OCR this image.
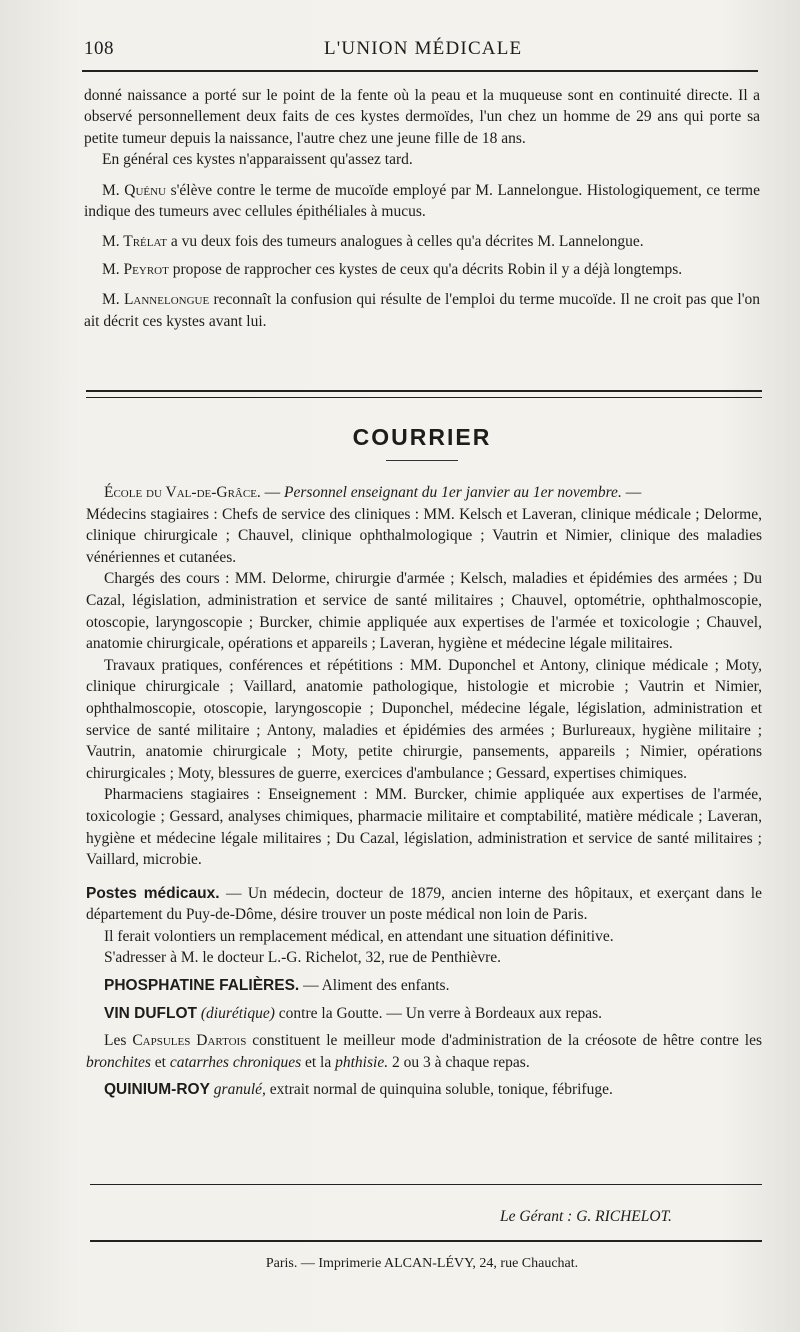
108	L'UNION MÉDICALE

donné naissance a porté sur le point de la fente où la peau et la muqueuse sont en continuité directe. Il a observé personnellement deux faits de ces kystes dermoïdes, l'un chez un homme de 29 ans qui porte sa petite tumeur depuis la naissance, l'autre chez une jeune fille de 18 ans.

En général ces kystes n'apparaissent qu'assez tard.

M. Quénu s'élève contre le terme de mucoïde employé par M. Lannelongue. Histologiquement, ce terme indique des tumeurs avec cellules épithéliales à mucus.

M. Trélat a vu deux fois des tumeurs analogues à celles qu'a décrites M. Lannelongue.

M. Peyrot propose de rapprocher ces kystes de ceux qu'a décrits Robin il y a déjà longtemps.

M. Lannelongue reconnaît la confusion qui résulte de l'emploi du terme mucoïde. Il ne croit pas que l'on ait décrit ces kystes avant lui.

COURRIER

École du Val-de-Grâce. — Personnel enseignant du 1er janvier au 1er novembre. —

Médecins stagiaires : Chefs de service des cliniques : MM. Kelsch et Laveran, clinique médicale ; Delorme, clinique chirurgicale ; Chauvel, clinique ophthalmologique ; Vautrin et Nimier, clinique des maladies vénériennes et cutanées.

Chargés des cours : MM. Delorme, chirurgie d'armée ; Kelsch, maladies et épidémies des armées ; Du Cazal, législation, administration et service de santé militaires ; Chauvel, optométrie, ophthalmoscopie, otoscopie, laryngoscopie ; Burcker, chimie appliquée aux expertises de l'armée et toxicologie ; Chauvel, anatomie chirurgicale, opérations et appareils ; Laveran, hygiène et médecine légale militaires.

Travaux pratiques, conférences et répétitions : MM. Duponchel et Antony, clinique médicale ; Moty, clinique chirurgicale ; Vaillard, anatomie pathologique, histologie et microbie ; Vautrin et Nimier, ophthalmoscopie, otoscopie, laryngoscopie ; Duponchel, médecine légale, législation, administration et service de santé militaire ; Antony, maladies et épidémies des armées ; Burlureaux, hygiène militaire ; Vautrin, anatomie chirurgicale ; Moty, petite chirurgie, pansements, appareils ; Nimier, opérations chirurgicales ; Moty, blessures de guerre, exercices d'ambulance ; Gessard, expertises chimiques.

Pharmaciens stagiaires : Enseignement : MM. Burcker, chimie appliquée aux expertises de l'armée, toxicologie ; Gessard, analyses chimiques, pharmacie militaire et comptabilité, matière médicale ; Laveran, hygiène et médecine légale militaires ; Du Cazal, législation, administration et service de santé militaires ; Vaillard, microbie.

Postes médicaux. — Un médecin, docteur de 1879, ancien interne des hôpitaux, et exerçant dans le département du Puy-de-Dôme, désire trouver un poste médical non loin de Paris.

Il ferait volontiers un remplacement médical, en attendant une situation définitive.

S'adresser à M. le docteur L.-G. Richelot, 32, rue de Penthièvre.

PHOSPHATINE FALIÈRES. — Aliment des enfants.

VIN DUFLOT (diurétique) contre la Goutte. — Un verre à Bordeaux aux repas.

Les Capsules Dartois constituent le meilleur mode d'administration de la créosote de hêtre contre les bronchites et catarrhes chroniques et la phthisie. 2 ou 3 à chaque repas.

QUINIUM-ROY granulé, extrait normal de quinquina soluble, tonique, fébrifuge.

Le Gérant : G. RICHELOT.
Paris. — Imprimerie ALCAN-LÉVY, 24, rue Chauchat.
